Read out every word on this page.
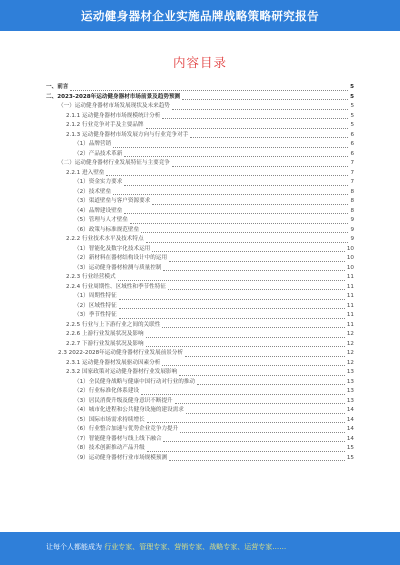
运动健身器材企业实施品牌战略策略研究报告
内容目录
一、前言	5
二、2023-2028年运动健身器材市场前景及趋势预测	5
（一）运动健身器材市场发展现状及未来趋势	5
2.1.1 运动健身器材市场规模统计分析	5
2.1.2 行业竞争对手及主要品牌	5
2.1.3 运动健身器材市场发展方向与行业竞争对手	6
（1）品牌营销	6
（2）产品技术革新	6
（二）运动健身器材行业发展特征与主要竞争	7
2.2.1 进入壁垒	7
（1）资金实力要求	7
（2）技术壁垒	8
（3）渠道壁垒与客户资源要求	8
（4）品牌建设壁垒	8
（5）管理与人才壁垒	9
（6）政策与标准规范壁垒	9
2.2.2 行业技术水平及技术特点	9
（1）智能化及数字化技术运用	10
（2）新材料在器材结构设计中的运用	10
（3）运动健身器材检测与质量控制	10
2.2.3 行业经营模式	11
2.2.4 行业周期性、区域性和季节性特征	11
（1）周期性特征	11
（2）区域性特征	11
（3）季节性特征	11
2.2.5 行业与上下游行业之间的关联性	11
2.2.6 上游行业发展状况及影响	12
2.2.7 下游行业发展状况及影响	12
2.3 2022-2028年运动健身器材行业发展前景分析	12
2.3.1 运动健身器材发展驱动因素分析	12
2.3.2 国家政策对运动健身器材行业发展影响	13
（1）全民健身战略与健康中国行动对行业的推动	13
（2）行业标准化体系建设	13
（3）居民消费升级及健身意识不断提升	13
（4）城市化进程和公共健身设施的建设需求	14
（5）国际市场需求持续增长	14
（6）行业整合加速与优势企业竞争力提升	14
（7）智能健身器材与线上线下融合	14
（8）技术创新推动产品升级	15
（9）运动健身器材行业市场规模预测	15
让每个人都能成为 行业专家、管理专家、营销专家、战略专家、运营专家……
